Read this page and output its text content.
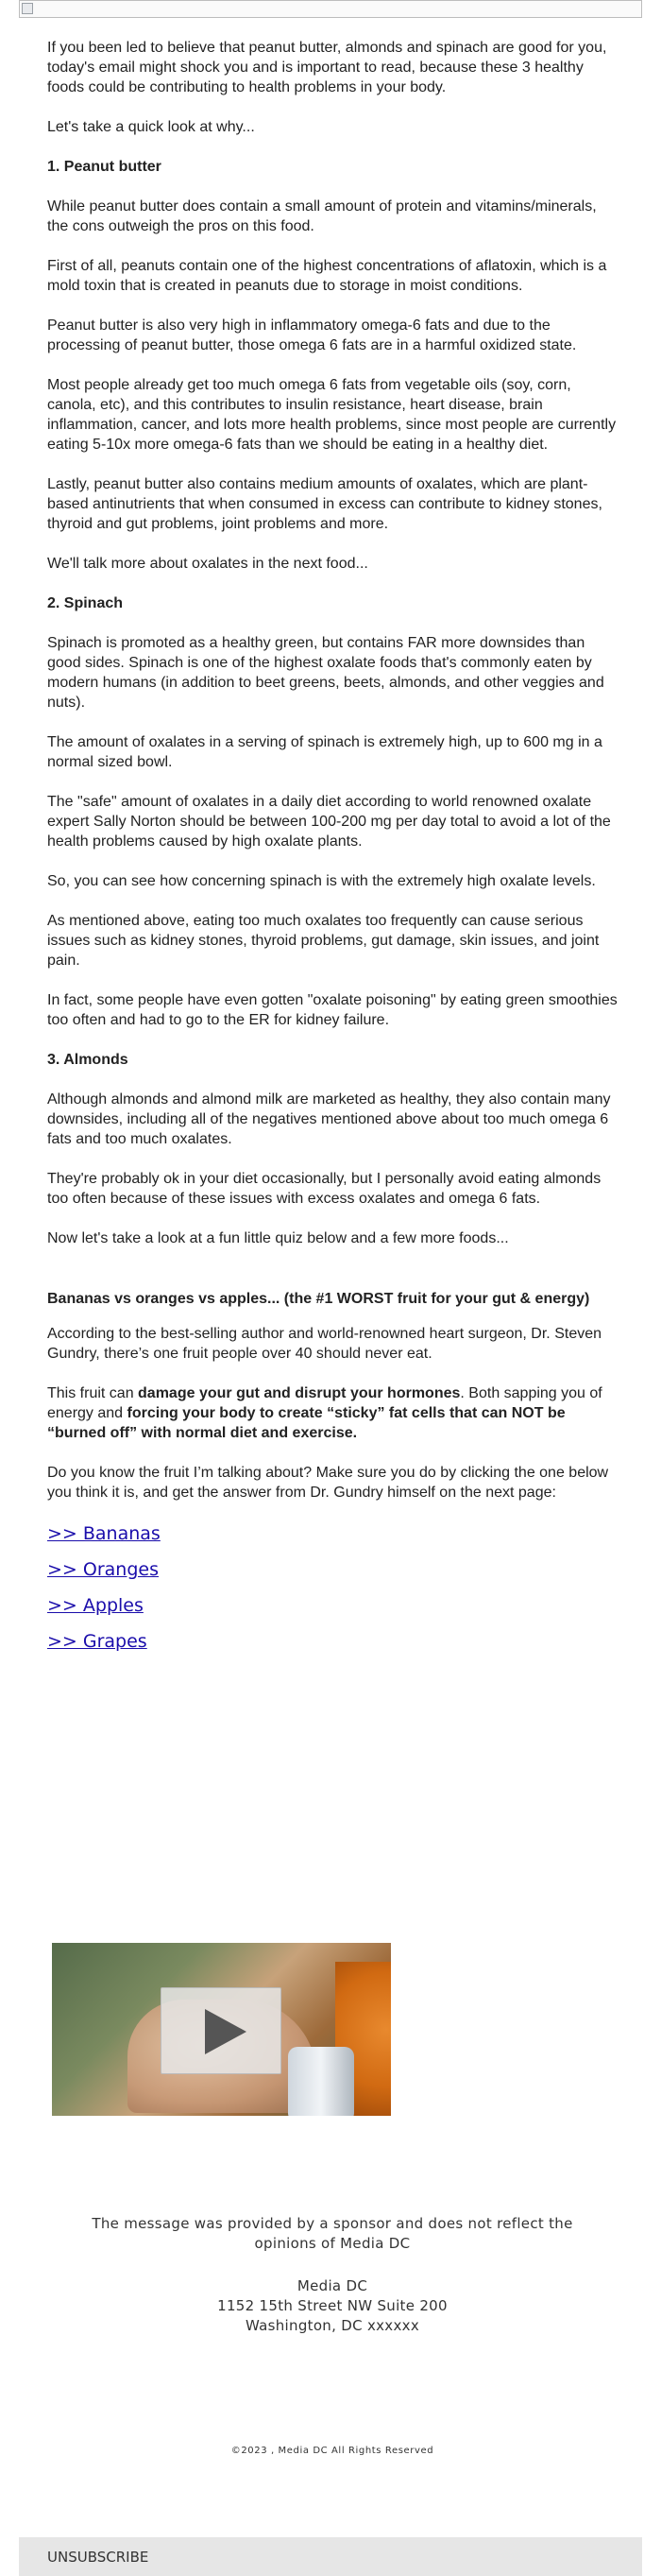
If you been led to believe that peanut butter, almonds and spinach are good for you, today's email might shock you and is important to read, because these 3 healthy foods could be contributing to health problems in your body.

Let's take a quick look at why...

1. Peanut butter

While peanut butter does contain a small amount of protein and vitamins/minerals, the cons outweigh the pros on this food.

First of all, peanuts contain one of the highest concentrations of aflatoxin, which is a mold toxin that is created in peanuts due to storage in moist conditions.

Peanut butter is also very high in inflammatory omega-6 fats and due to the processing of peanut butter, those omega 6 fats are in a harmful oxidized state.

Most people already get too much omega 6 fats from vegetable oils (soy, corn, canola, etc), and this contributes to insulin resistance, heart disease, brain inflammation, cancer, and lots more health problems, since most people are currently eating 5-10x more omega-6 fats than we should be eating in a healthy diet.

Lastly, peanut butter also contains medium amounts of oxalates, which are plant-based antinutrients that when consumed in excess can contribute to kidney stones, thyroid and gut problems, joint problems and more.

We'll talk more about oxalates in the next food...

2. Spinach

Spinach is promoted as a healthy green, but contains FAR more downsides than good sides. Spinach is one of the highest oxalate foods that's commonly eaten by modern humans (in addition to beet greens, beets, almonds, and other veggies and nuts).

The amount of oxalates in a serving of spinach is extremely high, up to 600 mg in a normal sized bowl.

The "safe" amount of oxalates in a daily diet according to world renowned oxalate expert Sally Norton should be between 100-200 mg per day total to avoid a lot of the health problems caused by high oxalate plants.

So, you can see how concerning spinach is with the extremely high oxalate levels.

As mentioned above, eating too much oxalates too frequently can cause serious issues such as kidney stones, thyroid problems, gut damage, skin issues, and joint pain.

In fact, some people have even gotten "oxalate poisoning" by eating green smoothies too often and had to go to the ER for kidney failure.

3. Almonds

Although almonds and almond milk are marketed as healthy, they also contain many downsides, including all of the negatives mentioned above about too much omega 6 fats and too much oxalates.

They're probably ok in your diet occasionally, but I personally avoid eating almonds too often because of these issues with excess oxalates and omega 6 fats.

Now let's take a look at a fun little quiz below and a few more foods...

Bananas vs oranges vs apples... (the #1 WORST fruit for your gut & energy)

According to the best-selling author and world-renowned heart surgeon, Dr. Steven Gundry, there’s one fruit people over 40 should never eat.

This fruit can damage your gut and disrupt your hormones. Both sapping you of energy and forcing your body to create “sticky” fat cells that can NOT be “burned off” with normal diet and exercise.

Do you know the fruit I’m talking about? Make sure you do by clicking the one below you think it is, and get the answer from Dr. Gundry himself on the next page:

>> Bananas
>> Oranges
>> Apples
>> Grapes
The message was provided by a sponsor and does not reflect the opinions of Media DC
Media DC
1152 15th Street NW Suite 200
Washington, DC xxxxxx
©2023 , Media DC All Rights Reserved
UNSUBSCRIBE
